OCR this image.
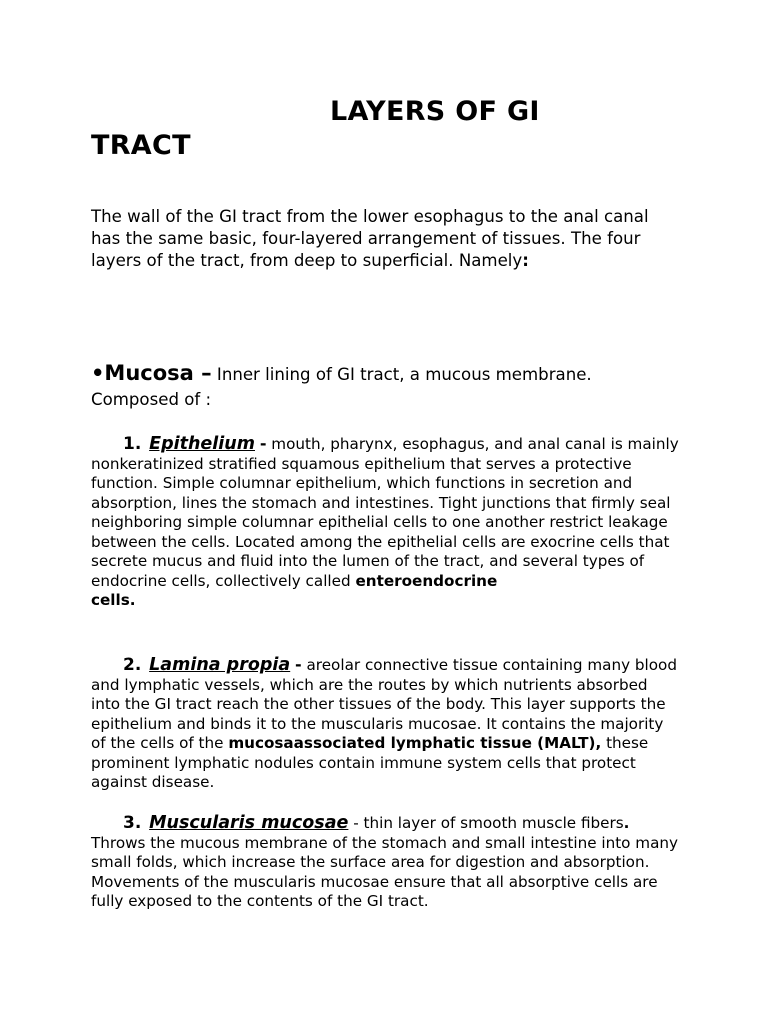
LAYERS OF GI
TRACT
The wall of the GI tract from the lower esophagus to the anal canal has the same basic, four-layered arrangement of tissues. The four layers of the tract, from deep to superficial. Namely:
•Mucosa – Inner lining of GI tract, a mucous membrane.
Composed of :
1. Epithelium - mouth, pharynx, esophagus, and anal canal is mainly nonkeratinized stratified squamous epithelium that serves a protective function. Simple columnar epithelium, which functions in secretion and absorption, lines the stomach and intestines. Tight junctions that firmly seal neighboring simple columnar epithelial cells to one another restrict leakage between the cells. Located among the epithelial cells are exocrine cells that secrete mucus and fluid into the lumen of the tract, and several types of endocrine cells, collectively called enteroendocrine
cells.
2. Lamina propia - areolar connective tissue containing many blood and lymphatic vessels, which are the routes by which nutrients absorbed into the GI tract reach the other tissues of the body. This layer supports the epithelium and binds it to the muscularis mucosae. It contains the majority of the cells of the mucosaassociated lymphatic tissue (MALT), these prominent lymphatic nodules contain immune system cells that protect against disease.
3. Muscularis mucosae - thin layer of smooth muscle fibers. Throws the mucous membrane of the stomach and small intestine into many small folds, which increase the surface area for digestion and absorption. Movements of the muscularis mucosae ensure that all absorptive cells are fully exposed to the contents of the GI tract.
